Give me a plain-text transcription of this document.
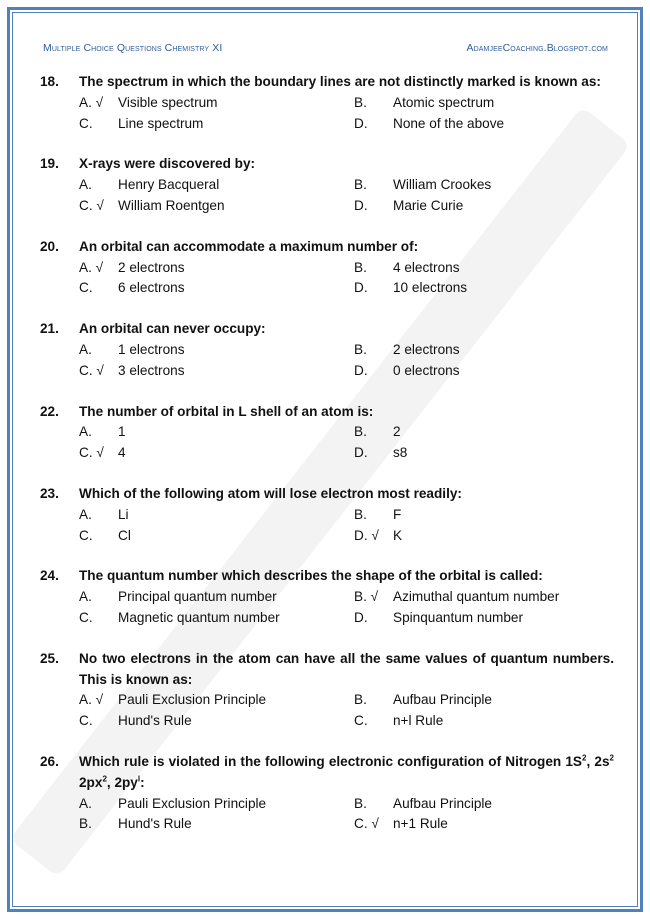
Multiple Choice Questions Chemistry XI	AdamjeeCoaching.Blogspot.com
18.	The spectrum in which the boundary lines are not distinctly marked is known as:
A. √	Visible spectrum	B.	Atomic spectrum
C.	Line spectrum	D.	None of the above
19.	X-rays were discovered by:
A.	Henry Bacqueral	B.	William Crookes
C. √	William Roentgen	D.	Marie Curie
20.	An orbital can accommodate a maximum number of:
A. √	2 electrons	B.	4 electrons
C.	6 electrons	D.	10 electrons
21.	An orbital can never occupy:
A.	1 electrons	B.	2 electrons
C. √	3 electrons	D.	0 electrons
22.	The number of orbital in L shell of an atom is:
A.	1	B.	2
C. √	4	D.	s8
23.	Which of the following atom will lose electron most readily:
A.	Li	B.	F
C.	Cl	D. √	K
24.	The quantum number which describes the shape of the orbital is called:
A.	Principal quantum number	B. √	Azimuthal quantum number
C.	Magnetic quantum number	D.	Spinquantum number
25.	No two electrons in the atom can have all the same values of quantum numbers. This is known as:
A. √	Pauli Exclusion Principle	B.	Aufbau Principle
C.	Hund's Rule	C.	n+l Rule
26.	Which rule is violated in the following electronic configuration of Nitrogen $1S^2$, $2s^2$ $2px^2$, $2py^l$:
A.	Pauli Exclusion Principle	B.	Aufbau Principle
B.	Hund's Rule	C. √	n+1 Rule
